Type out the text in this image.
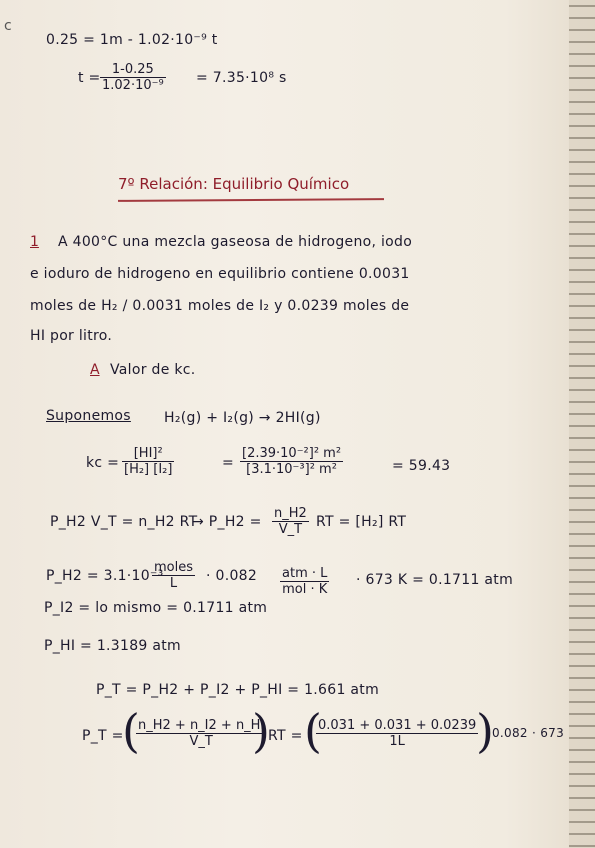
c
0.25 = 1m - 1.02·10⁻⁹ t
$t = \frac{1-0.25}{\text{1.02·10⁻⁹}} = 7.35\cdot 10^8$ s
7º Relación: Equilibrio Químico
1 A 400°C una mezcla gaseosa de hidrogeno, iodo
e ioduro de hidrogeno en equilibrio contiene 0.0031
moles de H₂ / 0.0031 moles de I₂ y 0.0239 moles de
HI por litro.
A Valor de kc.
Suponemos H₂(g) + I₂(g) → 2HI(g)
kc = $\frac{\text{[HI]²}}{\text{[H₂] [I₂]}}$	= $\frac{\text{[2.39·10⁻²]² m²}}{\text{[3.1·10⁻³]² m²}}$	= 59.43
P_H2 V_T = n_H2 RT
→ P_H2 = $\frac{n\_H2}{V\_T}$ RT = [H₂] RT
P_H2 = 3.1·10⁻³
moles
L	· 0.082 atm · L
mol · K
· 673 K = 0.1711 atm
P_I2 = lo mismo = 0.1711 atm
P_HI = 1.3189 atm
P_T = P_H2 + P_I2 + P_HI = 1.661 atm
P_T =
(
$\frac{n\_H2 + n\_I2 + n\_HI}{V\_T}$
)
RT = (
$\frac{0.031 + 0.031 + 0.0239}{1L}$
)
0.082 · 673
